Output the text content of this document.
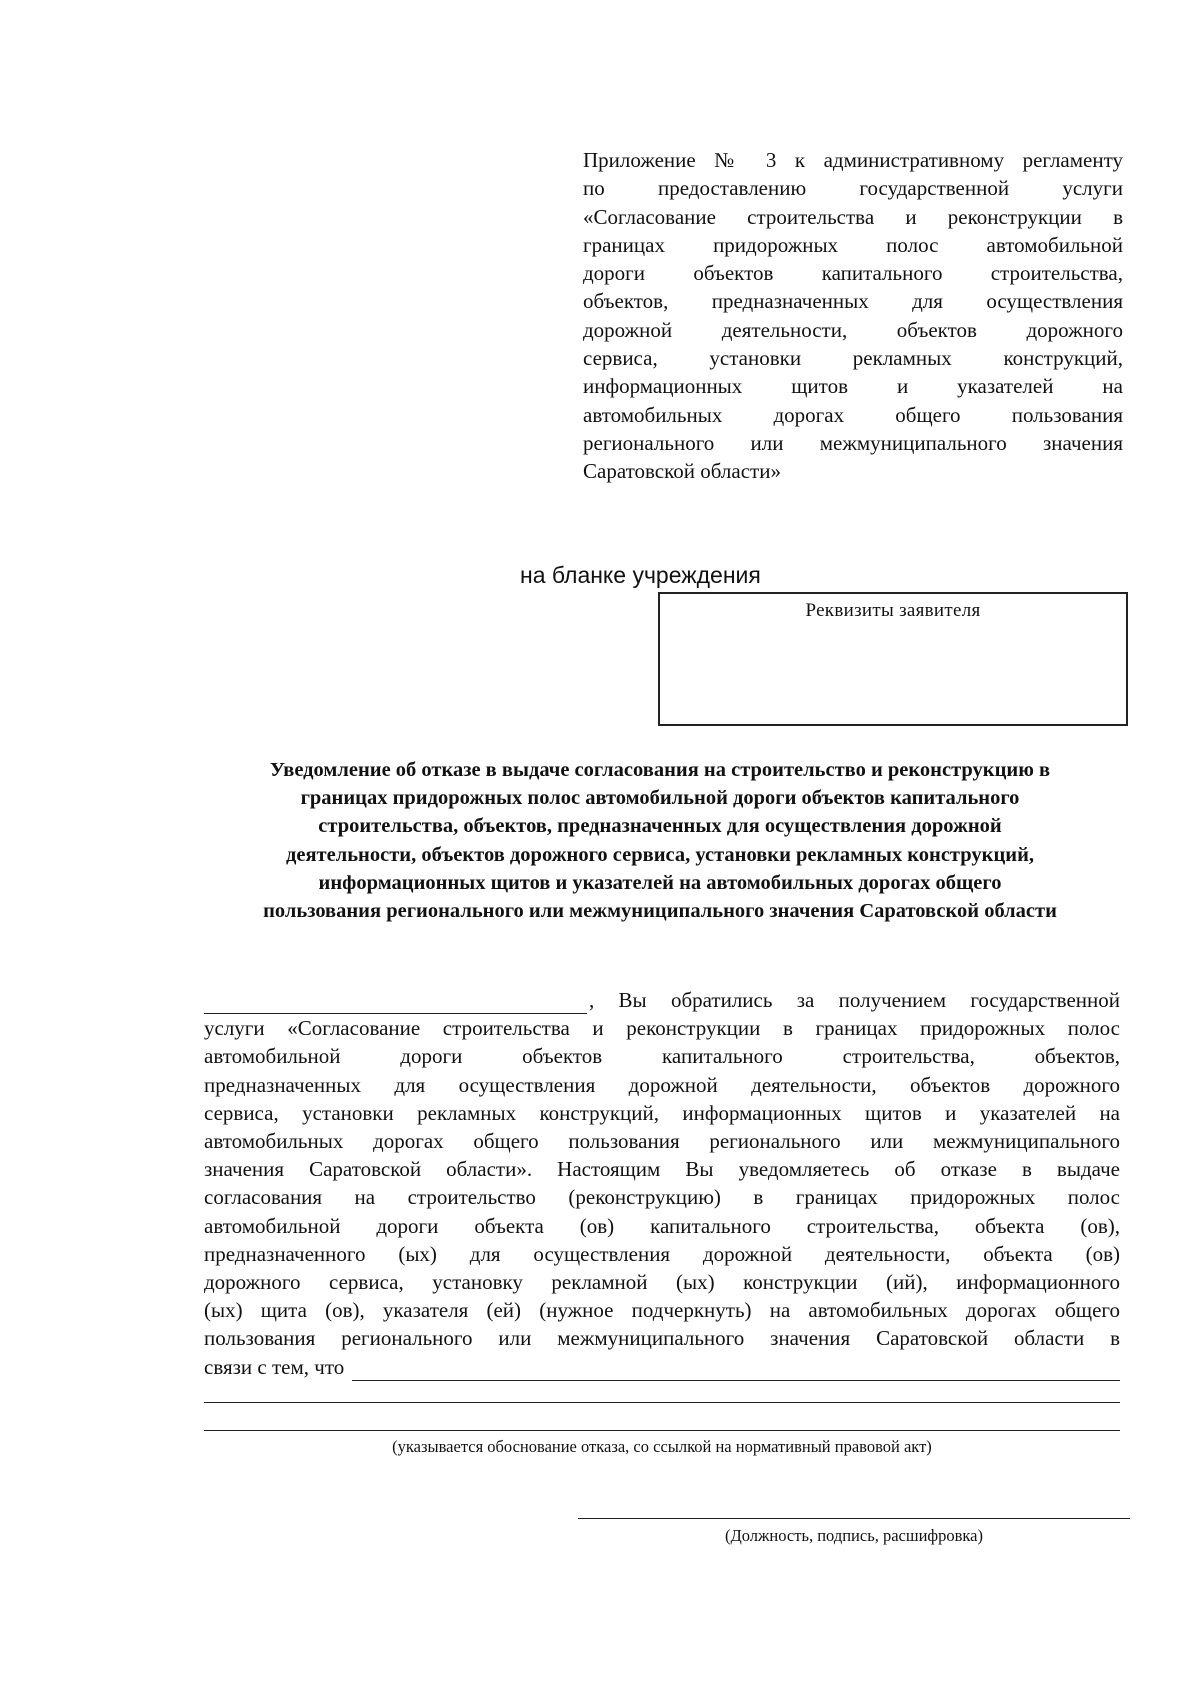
Приложение № 3 к административному регламенту
по предоставлению государственной услуги
«Согласование строительства и реконструкции в
границах придорожных полос автомобильной
дороги объектов капитального строительства,
объектов, предназначенных для осуществления
дорожной деятельности, объектов дорожного
сервиса, установки рекламных конструкций,
информационных щитов и указателей на
автомобильных дорогах общего пользования
регионального или межмуниципального значения
Саратовской области»
на бланке учреждения
Реквизиты заявителя
Уведомление об отказе в выдаче согласования на строительство и реконструкцию в
границах придорожных полос автомобильной дороги объектов капитального
строительства, объектов, предназначенных для осуществления дорожной
деятельности, объектов дорожного сервиса, установки рекламных конструкций,
информационных щитов и указателей на автомобильных дорогах общего
пользования регионального или межмуниципального значения Саратовской области
, Вы обратились за получением государственной
услуги «Согласование строительства и реконструкции в границах придорожных полос
автомобильной дороги объектов капитального строительства, объектов,
предназначенных для осуществления дорожной деятельности, объектов дорожного
сервиса, установки рекламных конструкций, информационных щитов и указателей на
автомобильных дорогах общего пользования регионального или межмуниципального
значения Саратовской области». Настоящим Вы уведомляетесь об отказе в выдаче
согласования на строительство (реконструкцию) в границах придорожных полос
автомобильной дороги объекта (ов) капитального строительства, объекта (ов),
предназначенного (ых) для осуществления дорожной деятельности, объекта (ов)
дорожного сервиса, установку рекламной (ых) конструкции (ий), информационного
(ых) щита (ов), указателя (ей) (нужное подчеркнуть) на автомобильных дорогах общего
пользования регионального или межмуниципального значения Саратовской области в
связи с тем, что
(указывается обоснование отказа, со ссылкой на нормативный правовой акт)
(Должность, подпись, расшифровка)
